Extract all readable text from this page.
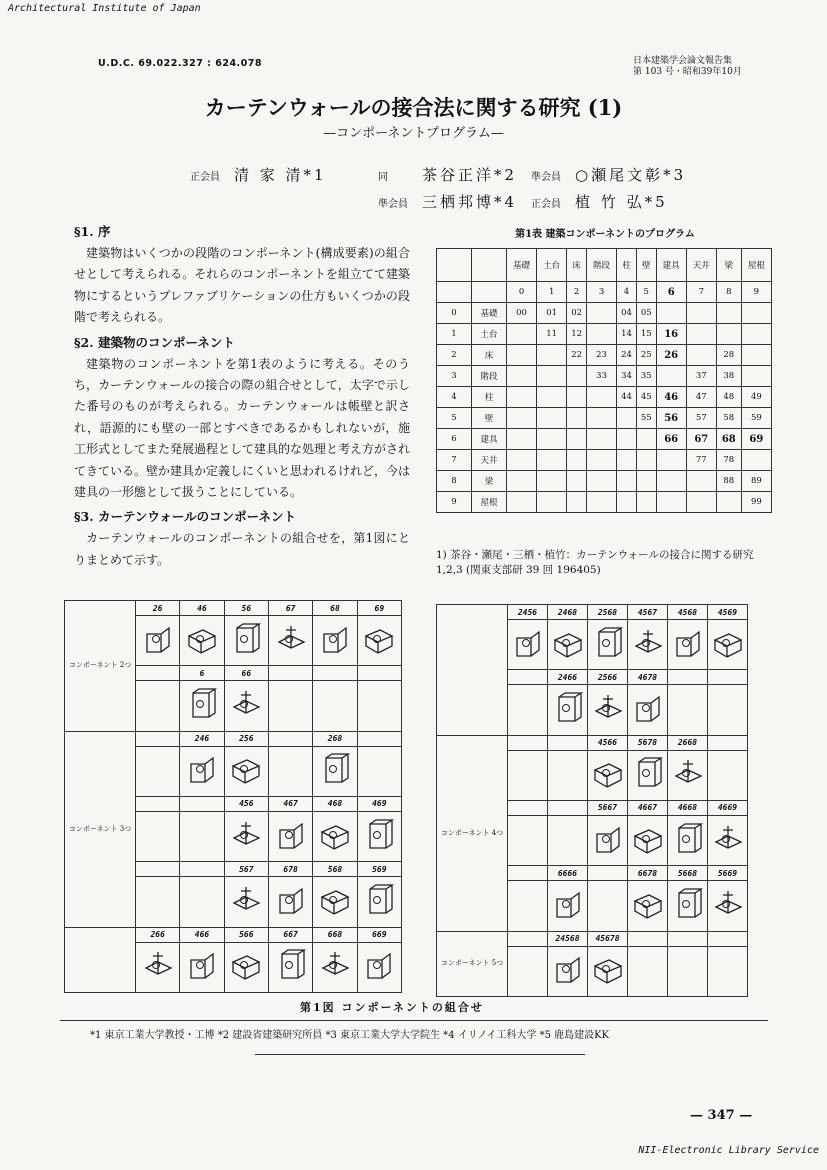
Architectural Institute of Japan
NII-Electronic Library Service
U.D.C. 69.022.327 : 624.078	日本建築学会論文報告集
第 103 号・昭和39年10月
カーテンウォールの接合法に関する研究 (1)
—コンポーネントプログラム—
正会員 清 家 清*1	同 茶谷正洋*2 準会員 ○瀬尾文彰*3
準会員 三栖邦博*4 正会員 植 竹 弘*5
§1. 序
建築物はいくつかの段階のコンポーネント(構成要素)の組合せとして考えられる。それらのコンポーネントを組立てて建築物にするというプレファブリケーションの仕方もいくつかの段階で考えられる。
§2. 建築物のコンポーネント
建築物のコンポーネントを第1表のように考える。そのうち，カーテンウォールの接合の際の組合せとして，太字で示した番号のものが考えられる。カーテンウォールは帳壁と訳され，語源的にも壁の一部とすべきであるかもしれないが，施工形式としてまた発展過程として建具的な処理と考え方がされてきている。壁か建具か定義しにくいと思われるけれど，今は建具の一形態として扱うことにしている。
§3. カーテンウォールのコンポーネント
カーテンウォールのコンポーネントの組合せを，第1図にとりまとめて示す。
第1表 建築コンポーネントのプログラム
		基礎	土台	床	階段	柱	壁	建具	天井	梁	屋根
		0	1	2	3	4	5	6	7	8	9
0	基礎	00	01	02		04	05				
1	土台		11	12		14	15	16			
2	床			22	23	24	25	26		28	
3	階段				33	34	35		37	38	
4	柱					44	45	46	47	48	49
5	壁						55	56	57	58	59
6	建具							66	67	68	69
7	天井								77	78	
8	梁									88	89
9	屋根										99
1) 茶谷・瀬尾・三栖・植竹：カーテンウォールの接合に関する研究 1,2,3 (関東支部研 39 回 196405)
コンポーネント 2つ	26	46	56	67	68	69

		6	66			

コンポーネント 3つ		246	256		268	

			456	467	468	469

			567	678	568	569

	266	466	566	667	668	669

	2456	2468	2568	4567	4568	4569

		2466	2566	4678		

コンポーネント 4つ			4566	5678	2668	

			5667	4667	4668	4669

		6666		6678	5668	5669

コンポーネント 5つ		24568	45678			

第1図 コンポーネントの組合せ
*1 東京工業大学教授・工博 *2 建設省建築研究所員 *3 東京工業大学大学院生 *4 イリノイ工科大学 *5 鹿島建設KK
— 347 —
